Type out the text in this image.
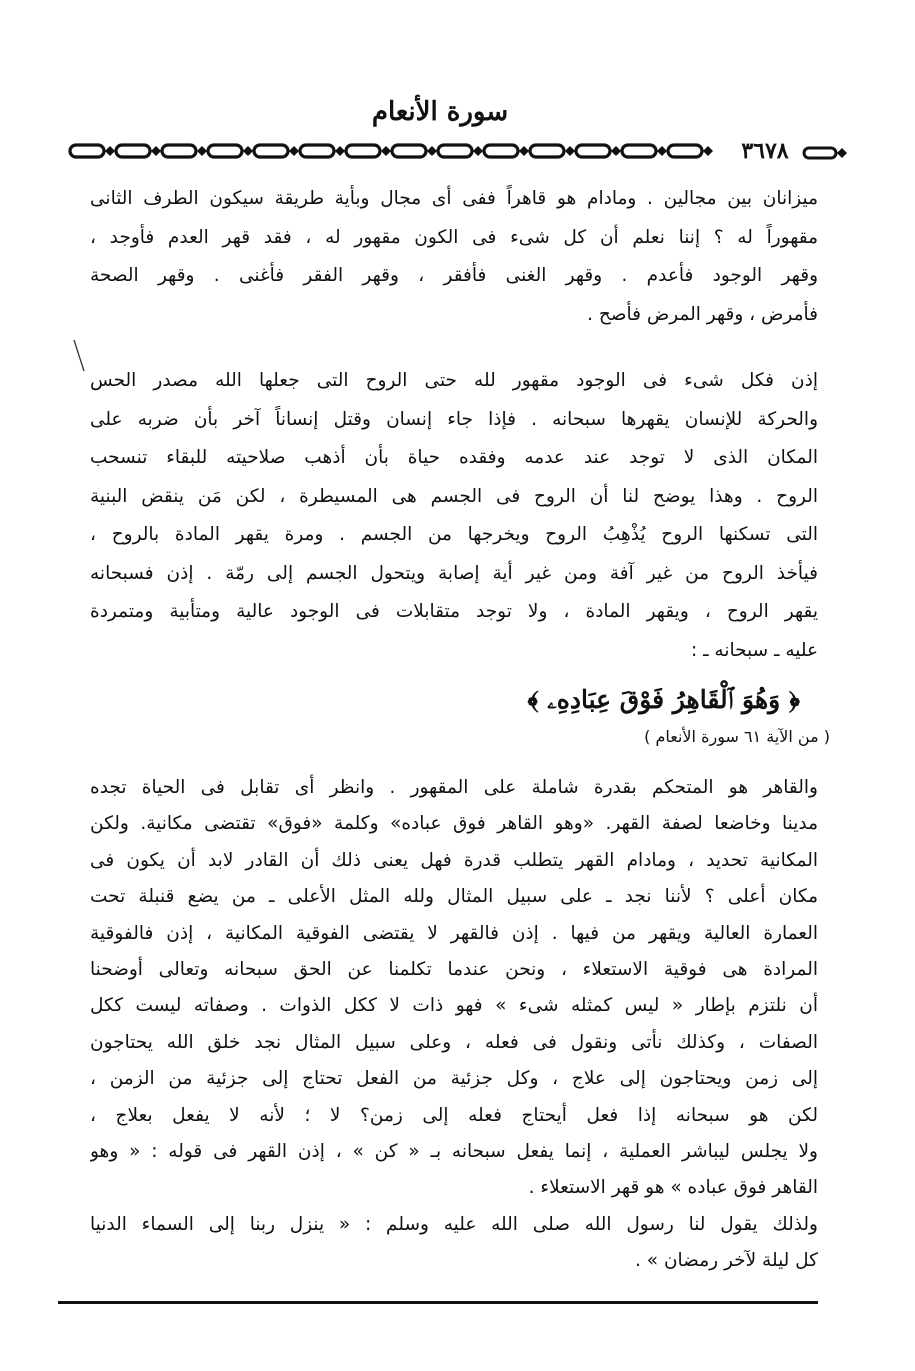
سورة الأنعام
٣٦٧٨
ميزانان بين مجالين . ومادام هو قاهراً ففى أى مجال وبأية طريقة سيكون الطرف الثانى
مقهوراً له ؟ إننا نعلم أن كل شىء فى الكون مقهور له ، فقد قهر العدم فأوجد ،
وقهر الوجود فأعدم . وقهر الغنى فأفقر ، وقهر الفقر فأغنى . وقهر الصحة
فأمرض ، وقهر المرض فأصح .
إذن فكل شىء فى الوجود مقهور لله حتى الروح التى جعلها الله مصدر الحس
والحركة للإنسان يقهرها سبحانه . فإذا جاء إنسان وقتل إنساناً آخر بأن ضربه على
المكان الذى لا توجد عند عدمه وفقده حياة بأن أذهب صلاحيته للبقاء تنسحب
الروح . وهذا يوضح لنا أن الروح فى الجسم هى المسيطرة ، لكن مَن ينقض البنية
التى تسكنها الروح يُذْهِبُ الروح ويخرجها من الجسم . ومرة يقهر المادة بالروح ،
فيأخذ الروح من غير آفة ومن غير أية إصابة ويتحول الجسم إلى رمّة . إذن فسبحانه
يقهر الروح ، ويقهر المادة ، ولا توجد متقابلات فى الوجود عالية ومتأبية ومتمردة
عليه ـ سبحانه ـ :
﴿ وَهُوَ ٱلْقَاهِرُ فَوْقَ عِبَادِهِۦ ﴾
( من الآية ٦١ سورة الأنعام )
والقاهر هو المتحكم بقدرة شاملة على المقهور . وانظر أى تقابل فى الحياة تجده
مدينا وخاضعا لصفة القهر. «وهو القاهر فوق عباده» وكلمة «فوق» تقتضى مكانية. ولكن
المكانية تحديد ، ومادام القهر يتطلب قدرة فهل يعنى ذلك أن القادر لابد أن يكون فى
مكان أعلى ؟ لأننا نجد ـ على سبيل المثال ولله المثل الأعلى ـ من يضع قنبلة تحت
العمارة العالية ويقهر من فيها . إذن فالقهر لا يقتضى الفوقية المكانية ، إذن فالفوقية
المرادة هى فوقية الاستعلاء ، ونحن عندما تكلمنا عن الحق سبحانه وتعالى أوضحنا
أن نلتزم بإطار « ليس كمثله شىء » فهو ذات لا ككل الذوات . وصفاته ليست ككل
الصفات ، وكذلك نأتى ونقول فى فعله ، وعلى سبيل المثال نجد خلق الله يحتاجون
إلى زمن ويحتاجون إلى علاج ، وكل جزئية من الفعل تحتاج إلى جزئية من الزمن ،
لكن هو سبحانه إذا فعل أيحتاج فعله إلى زمن؟ لا ؛ لأنه لا يفعل بعلاج ،
ولا يجلس ليباشر العملية ، إنما يفعل سبحانه بـ « كن » ، إذن القهر فى قوله : « وهو
القاهر فوق عباده » هو قهر الاستعلاء .
ولذلك يقول لنا رسول الله صلى الله عليه وسلم : « ينزل ربنا إلى السماء الدنيا
كل ليلة لآخر رمضان » .
